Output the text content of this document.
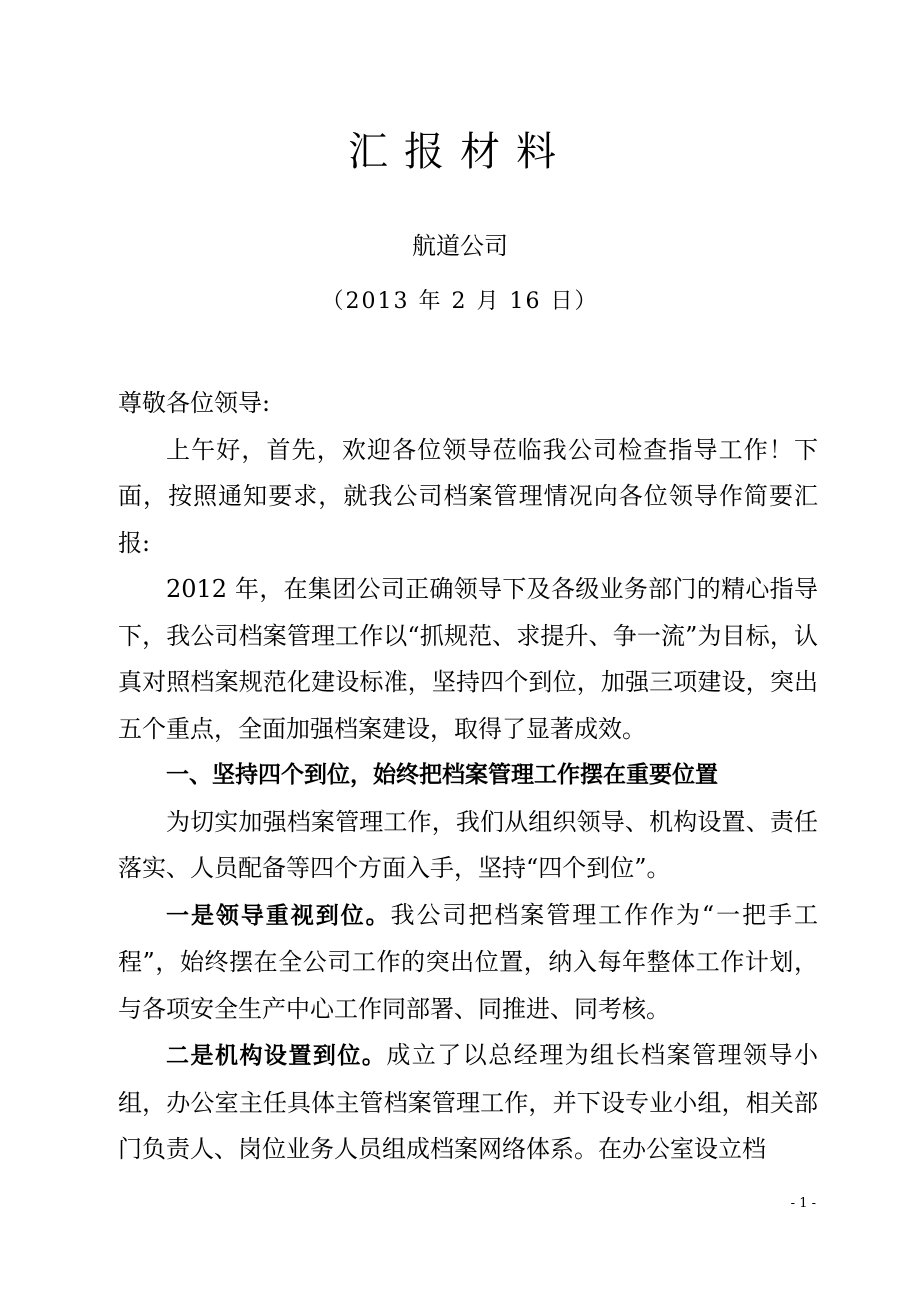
汇报材料
航道公司
（2013 年 2 月 16 日）

尊敬各位领导:

上午好，首先，欢迎各位领导莅临我公司检查指导工作！下面，按照通知要求，就我公司档案管理情况向各位领导作简要汇报:

2012 年，在集团公司正确领导下及各级业务部门的精心指导下，我公司档案管理工作以“抓规范、求提升、争一流”为目标，认真对照档案规范化建设标准，坚持四个到位，加强三项建设，突出五个重点，全面加强档案建设，取得了显著成效。

一、坚持四个到位，始终把档案管理工作摆在重要位置

为切实加强档案管理工作，我们从组织领导、机构设置、责任落实、人员配备等四个方面入手，坚持“四个到位”。

一是领导重视到位。我公司把档案管理工作作为“一把手工程”，始终摆在全公司工作的突出位置，纳入每年整体工作计划，与各项安全生产中心工作同部署、同推进、同考核。

二是机构设置到位。成立了以总经理为组长档案管理领导小组，办公室主任具体主管档案管理工作，并下设专业小组，相关部门负责人、岗位业务人员组成档案网络体系。在办公室设立档

- 1 -
